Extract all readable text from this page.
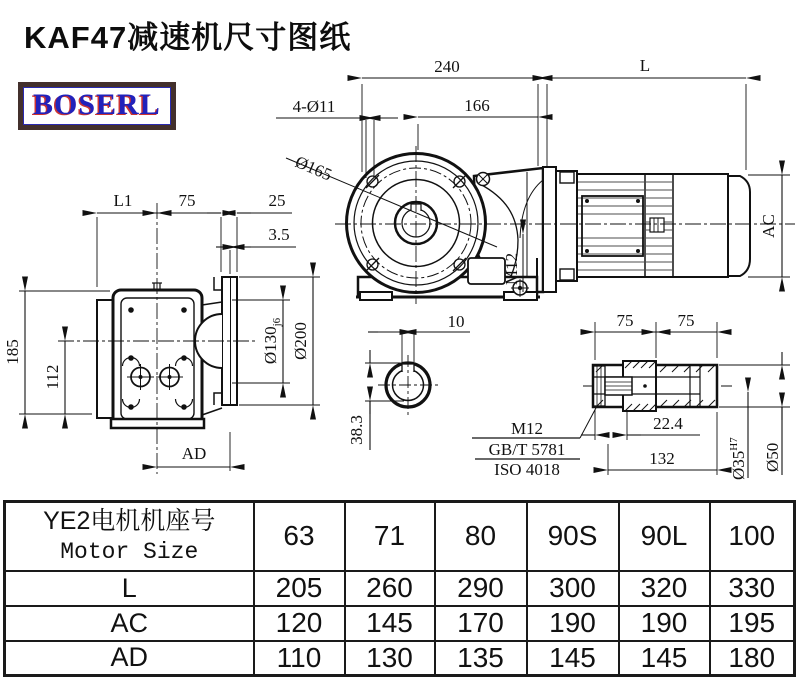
KAF47减速机尺寸图纸
BOSERL
M12
240	L
166
4-Ø11
Ø165
AC
L1	75	25
3.5
185
112
$Ø130_{j6}$ Ø200
AD
10
38.3
75	75
22.4
132	$Ø35^{H7}$	Ø50
M12
GB/T 5781
ISO 4018
YE2电机机座号
Motor Size	63	71	80	90S	90L	100
L	205	260	290	300	320	330
AC	120	145	170	190	190	195
AD	110	130	135	145	145	180
